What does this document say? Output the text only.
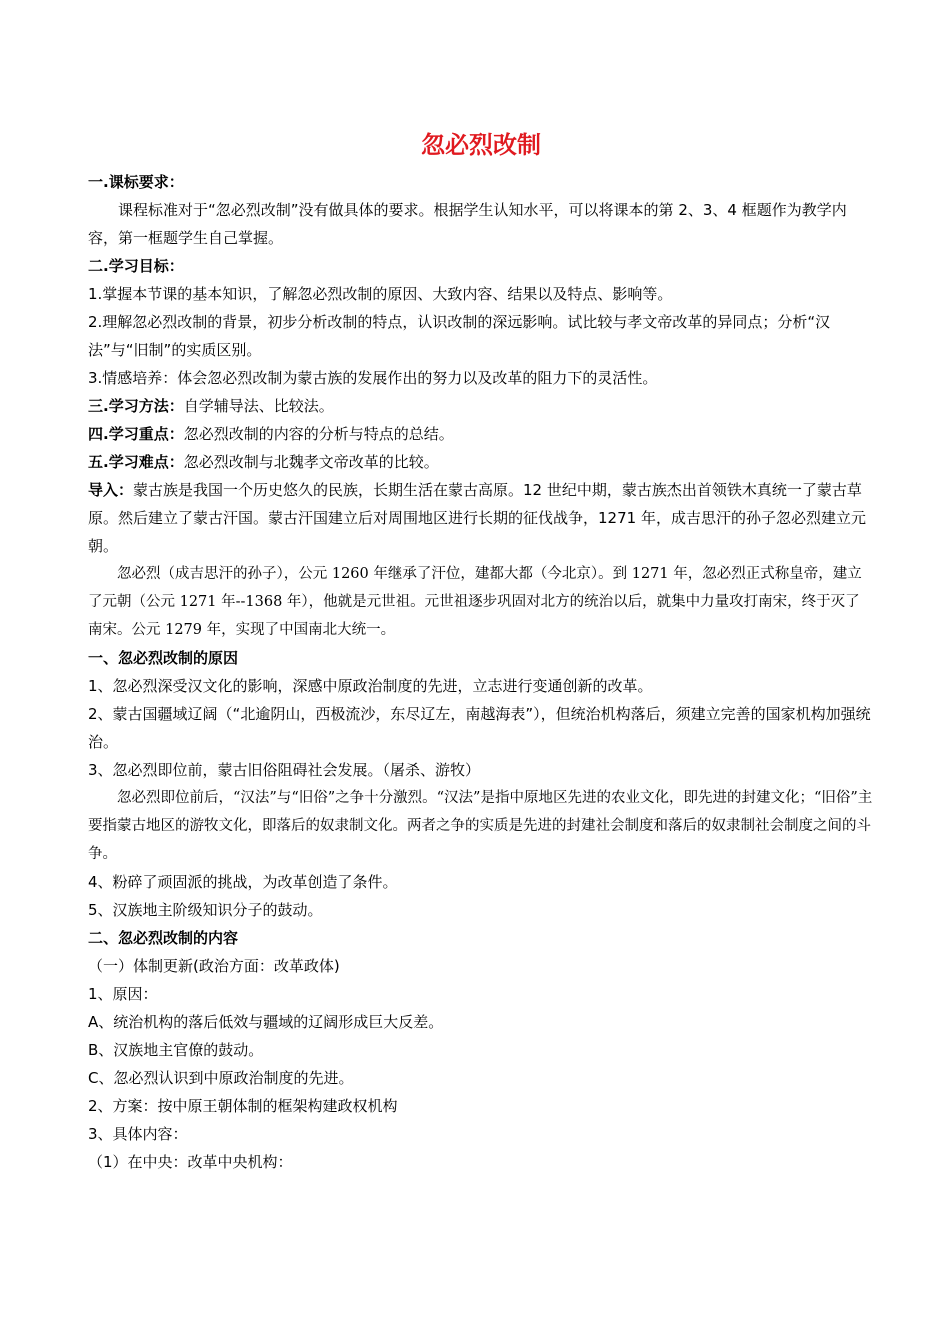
忽必烈改制

一.课标要求：

课程标准对于“忽必烈改制”没有做具体的要求。根据学生认知水平，可以将课本的第 2、3、4 框题作为教学内容，第一框题学生自己掌握。

二.学习目标：

1.掌握本节课的基本知识，了解忽必烈改制的原因、大致内容、结果以及特点、影响等。

2.理解忽必烈改制的背景，初步分析改制的特点，认识改制的深远影响。试比较与孝文帝改革的异同点；分析“汉法”与“旧制”的实质区别。

3.情感培养：体会忽必烈改制为蒙古族的发展作出的努力以及改革的阻力下的灵活性。

三.学习方法：自学辅导法、比较法。

四.学习重点：忽必烈改制的内容的分析与特点的总结。

五.学习难点：忽必烈改制与北魏孝文帝改革的比较。

导入：蒙古族是我国一个历史悠久的民族，长期生活在蒙古高原。12 世纪中期，蒙古族杰出首领铁木真统一了蒙古草原。然后建立了蒙古汗国。蒙古汗国建立后对周围地区进行长期的征伐战争，1271 年，成吉思汗的孙子忽必烈建立元朝。

忽必烈（成吉思汗的孙子），公元 1260 年继承了汗位，建都大都（今北京）。到 1271 年，忽必烈正式称皇帝，建立了元朝（公元 1271 年--1368 年），他就是元世祖。元世祖逐步巩固对北方的统治以后，就集中力量攻打南宋，终于灭了南宋。公元 1279 年，实现了中国南北大统一。

一、忽必烈改制的原因

1、忽必烈深受汉文化的影响，深感中原政治制度的先进，立志进行变通创新的改革。

2、蒙古国疆域辽阔（“北逾阴山，西极流沙，东尽辽左，南越海表”），但统治机构落后，须建立完善的国家机构加强统治。

3、忽必烈即位前，蒙古旧俗阻碍社会发展。（屠杀、游牧）

忽必烈即位前后，“汉法”与“旧俗”之争十分激烈。“汉法”是指中原地区先进的农业文化，即先进的封建文化；“旧俗”主要指蒙古地区的游牧文化，即落后的奴隶制文化。两者之争的实质是先进的封建社会制度和落后的奴隶制社会制度之间的斗争。

4、粉碎了顽固派的挑战，为改革创造了条件。

5、汉族地主阶级知识分子的鼓动。

二、忽必烈改制的内容

（一）体制更新(政治方面：改革政体)

1、原因：

A、统治机构的落后低效与疆域的辽阔形成巨大反差。

B、汉族地主官僚的鼓动。

C、忽必烈认识到中原政治制度的先进。

2、方案：按中原王朝体制的框架构建政权机构

3、具体内容：

（1）在中央：改革中央机构：
